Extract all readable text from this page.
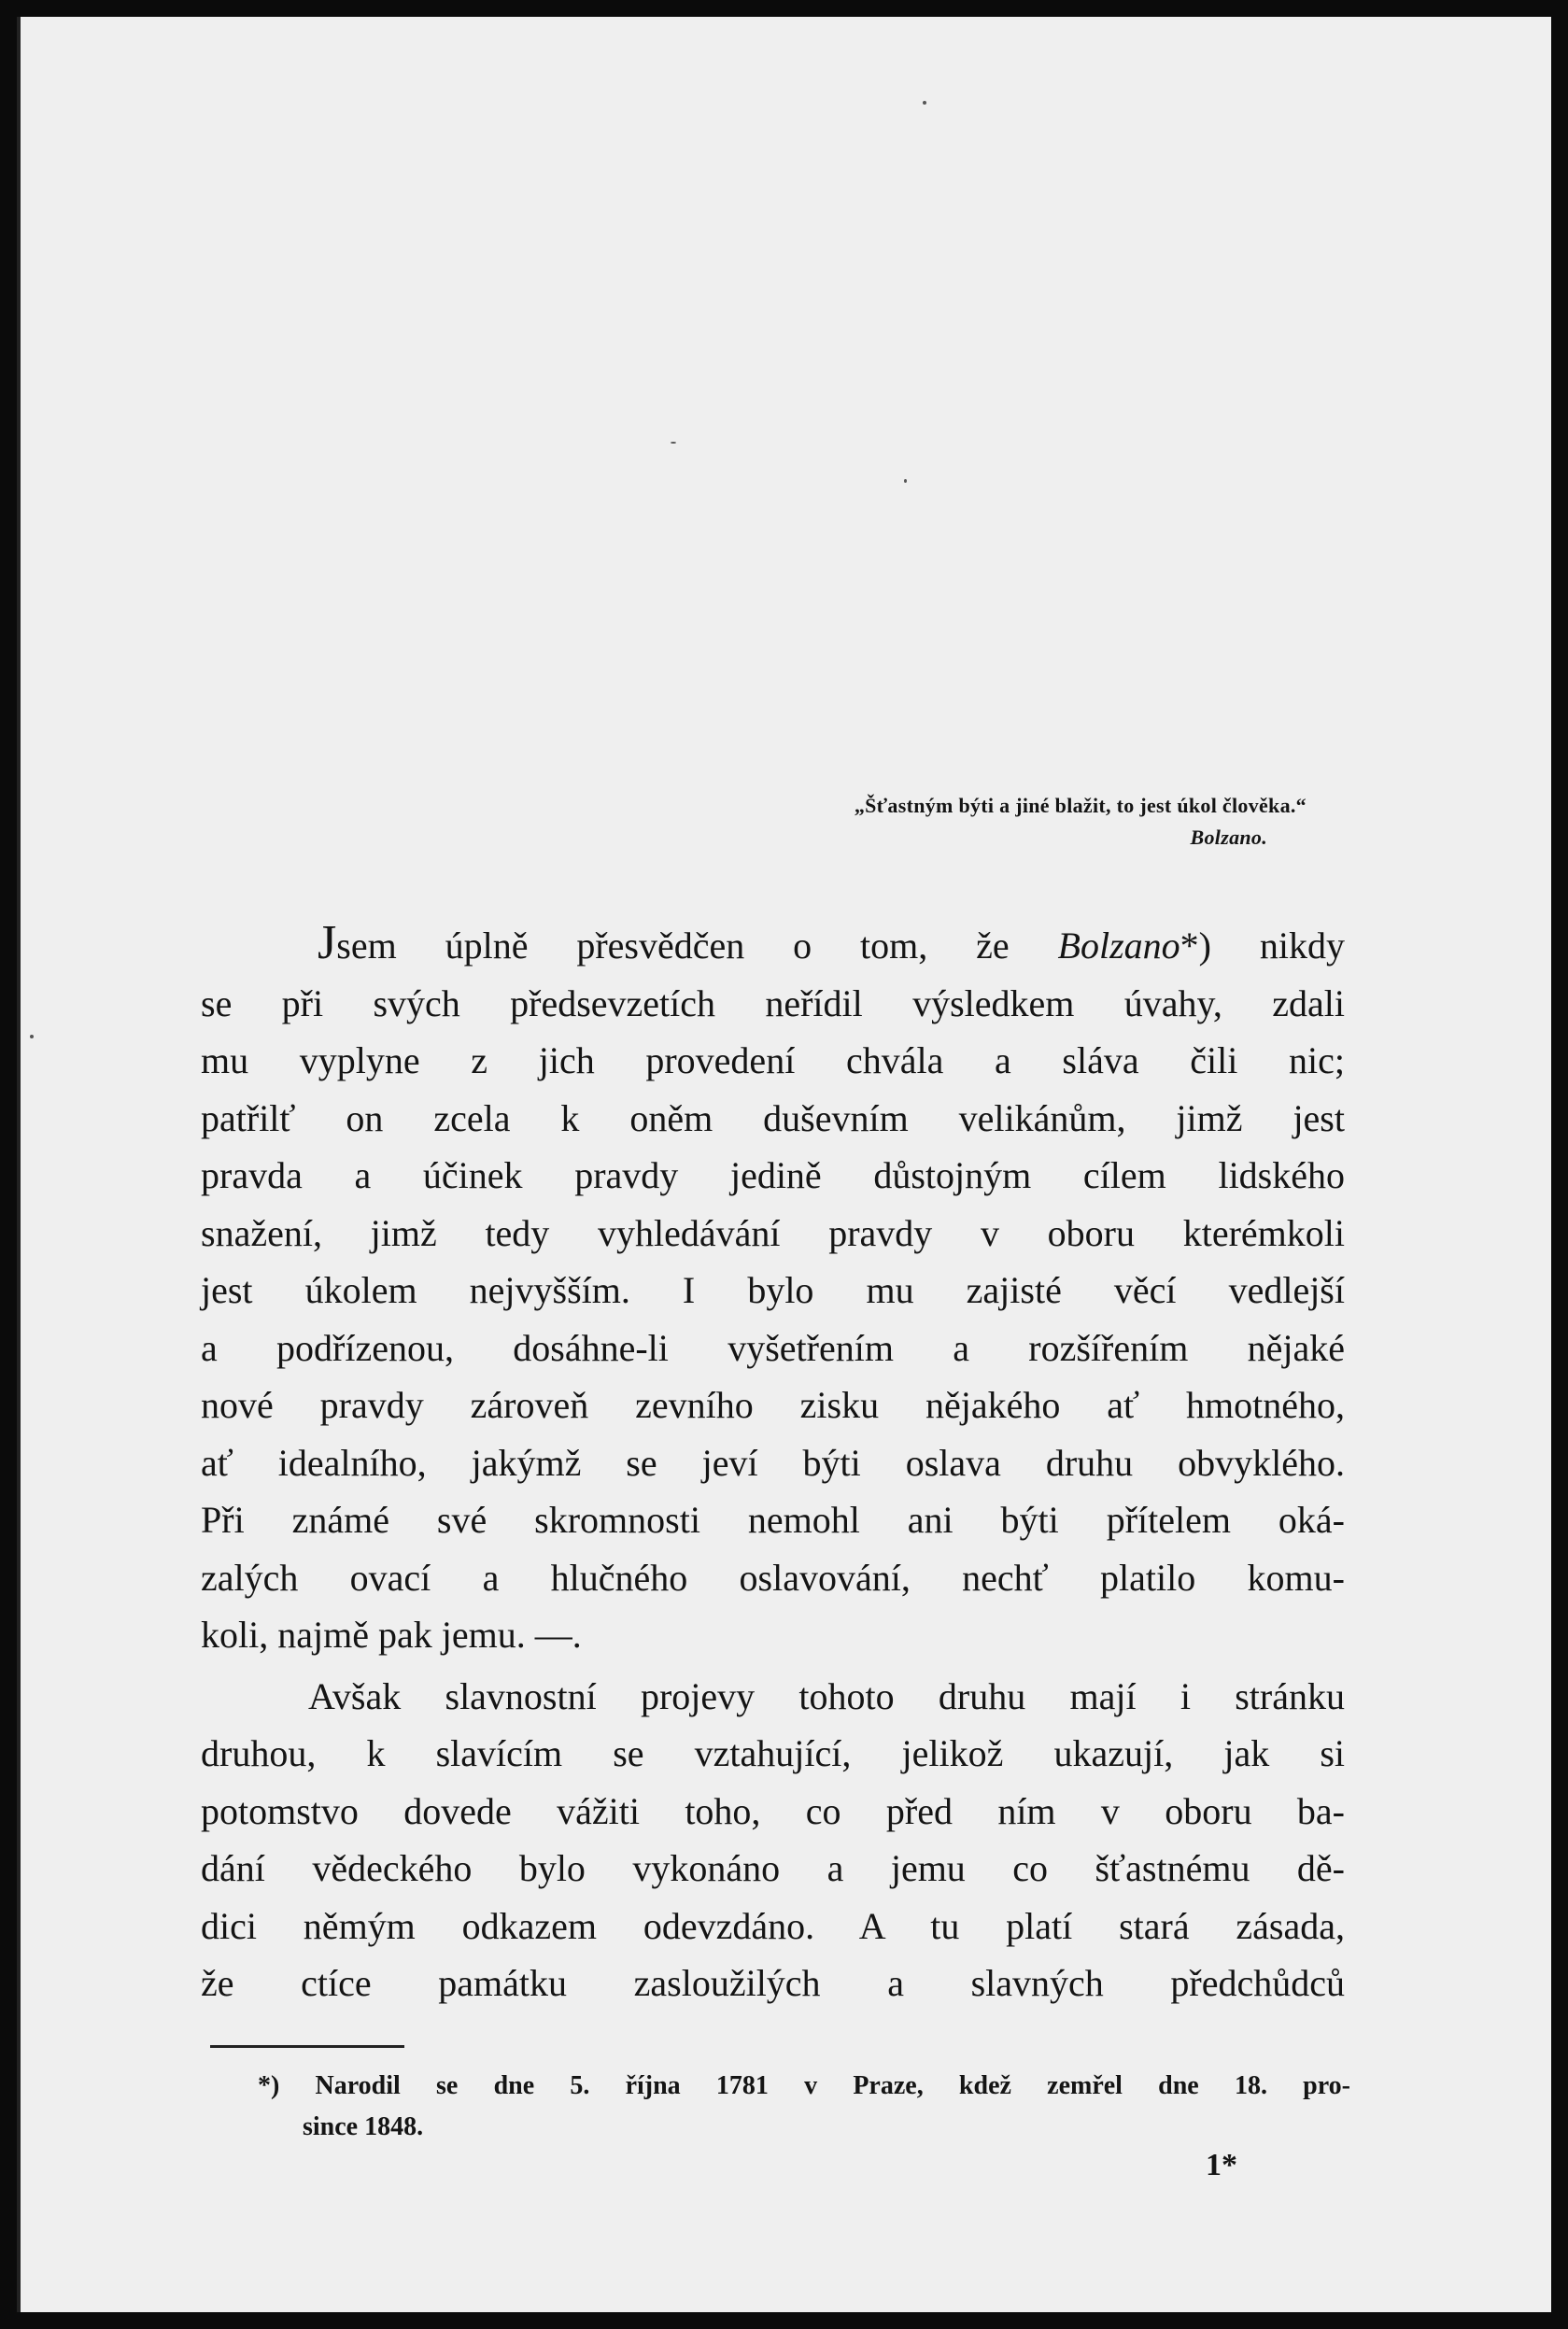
„Šťastným býti a jiné blažit, to jest úkol člověka.“
Bolzano.

Jsem úplně přesvědčen o tom, že Bolzano*) nikdy
se při svých předsevzetích neřídil výsledkem úvahy, zdali
mu vyplyne z jich provedení chvála a sláva čili nic;
patřilť on zcela k oněm duševním velikánům, jimž jest
pravda a účinek pravdy jedině důstojným cílem lidského
snažení, jimž tedy vyhledávání pravdy v oboru kterémkoli
jest úkolem nejvyšším. I bylo mu zajisté věcí vedlejší
a podřízenou, dosáhne-li vyšetřením a rozšířením nějaké
nové pravdy zároveň zevního zisku nějakého ať hmotného,
ať idealního, jakýmž se jeví býti oslava druhu obvyklého.
Při známé své skromnosti nemohl ani býti přítelem oká-
zalých ovací a hlučného oslavování, nechť platilo komu-
koli, najmě pak jemu. —.

Avšak slavnostní projevy tohoto druhu mají i stránku
druhou, k slavícím se vztahující, jelikož ukazují, jak si
potomstvo dovede vážiti toho, co před ním v oboru ba-
dání vědeckého bylo vykonáno a jemu co šťastnému dě-
dici němým odkazem odevzdáno. A tu platí stará zásada,
že ctíce památku zasloužilých a slavných předchůdců

*) Narodil se dne 5. října 1781 v Praze, kdež zemřel dne 18. pro-
since 1848.
1*
